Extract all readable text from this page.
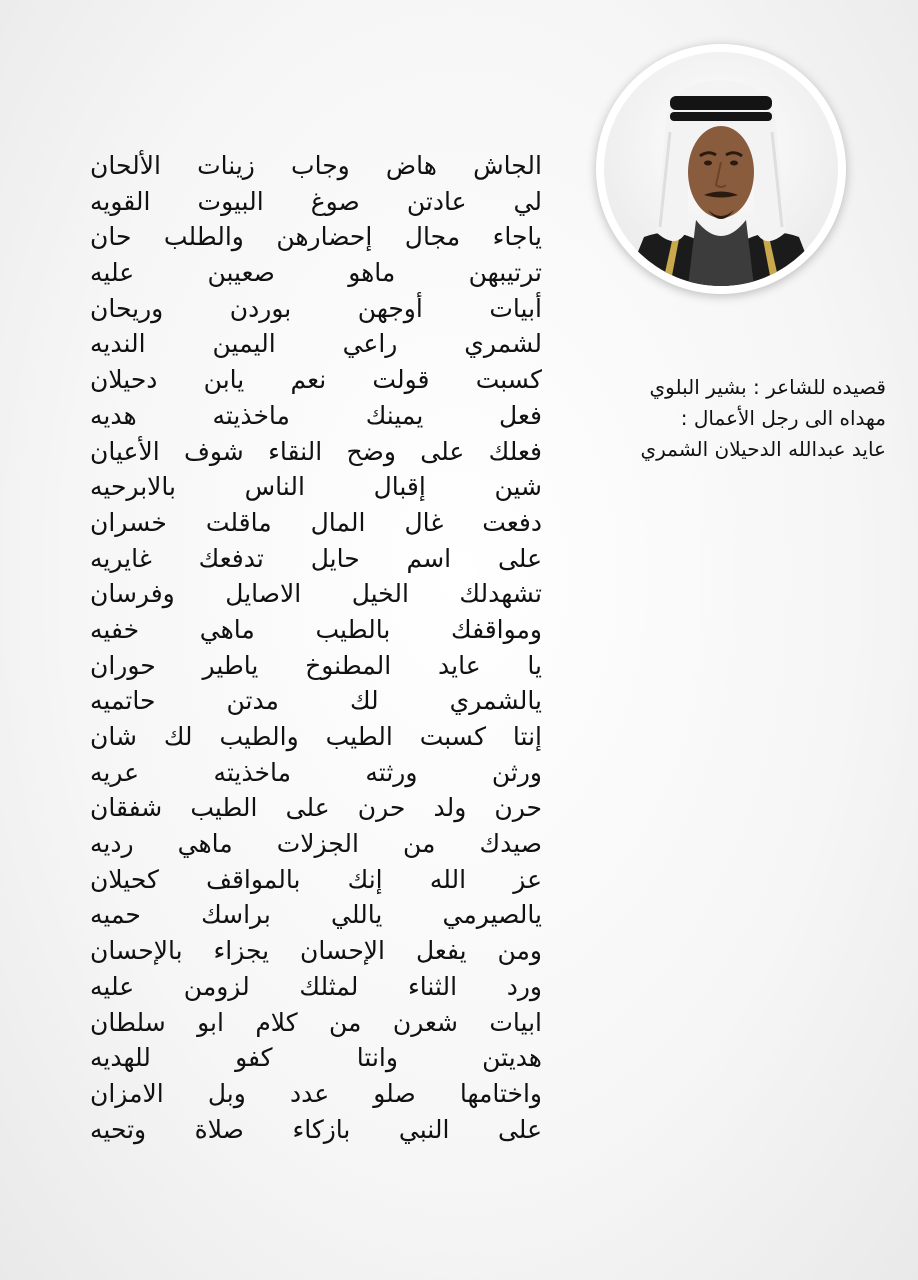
قصيده للشاعر : بشير البلوي
مهداه الى رجل الأعمال :
عايد عبدالله الدحيلان الشمري
الجاش هاض وجاب زينات الألحان
لي عادتن صوغ البيوت القويه
ياجاء مجال إحضارهن والطلب حان
ترتيبهن ماهو صعيبن عليه
أبيات أوجهن بوردن وريحان
لشمري راعي اليمين النديه
كسبت قولت نعم يابن دحيلان
فعل يمينك ماخذيته هديه
فعلك على وضح النقاء شوف الأعيان
شين إقبال الناس بالابرحيه
دفعت غال المال ماقلت خسران
على اسم حايل تدفعك غايريه
تشهدلك الخيل الاصايل وفرسان
ومواقفك بالطيب ماهي خفيه
يا عايد المطنوخ ياطير حوران
يالشمري لك مدتن حاتميه
إنتا كسبت الطيب والطيب لك شان
ورثن ورثته ماخذيته عريه
حرن ولد حرن على الطيب شفقان
صيدك من الجزلات ماهي رديه
عز الله إنك بالمواقف كحيلان
يالصيرمي ياللي براسك حميه
ومن يفعل الإحسان يجزاء بالإحسان
ورد الثناء لمثلك لزومن عليه
ابيات شعرن من كلام ابو سلطان
هديتن وانتا كفو للهديه
واختامها صلو عدد وبل الامزان
على النبي بازكاء صلاة وتحيه
